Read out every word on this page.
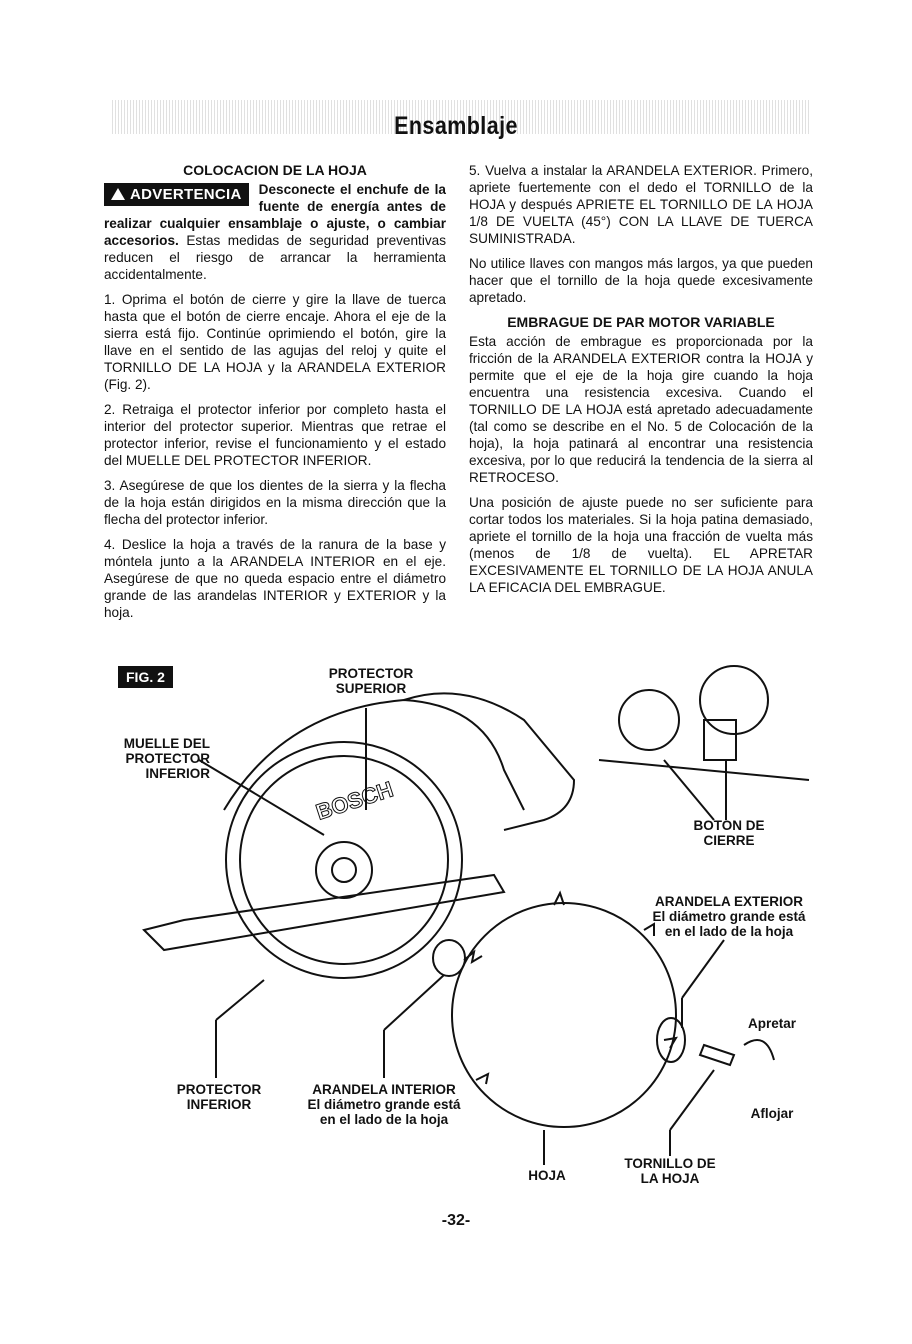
Ensamblaje
COLOCACION DE LA HOJA

ADVERTENCIA	Desconecte el enchufe de la fuente de energía antes de realizar cualquier ensamblaje o ajuste, o cambiar accesorios. Estas medidas de seguridad preventivas reducen el riesgo de arrancar la herramienta accidentalmente.

1. Oprima el botón de cierre y gire la llave de tuerca hasta que el botón de cierre encaje. Ahora el eje de la sierra está fijo. Continúe oprimiendo el botón, gire la llave en el sentido de las agujas del reloj y quite el TORNILLO DE LA HOJA y la ARANDELA EXTERIOR (Fig. 2).

2. Retraiga el protector inferior por completo hasta el interior del protector superior. Mientras que retrae el protector inferior, revise el funcionamiento y el estado del MUELLE DEL PROTECTOR INFERIOR.

3. Asegúrese de que los dientes de la sierra y la flecha de la hoja están dirigidos en la misma dirección que la flecha del protector inferior.

4. Deslice la hoja a través de la ranura de la base y móntela junto a la ARANDELA INTERIOR en el eje. Asegúrese de que no queda espacio entre el diámetro grande de las arandelas INTERIOR y EXTERIOR y la hoja.

5. Vuelva a instalar la ARANDELA EXTERIOR. Primero, apriete fuertemente con el dedo el TORNILLO de la HOJA y después APRIETE EL TORNILLO DE LA HOJA 1/8 DE VUELTA (45°) CON LA LLAVE DE TUERCA SUMINISTRADA.

No utilice llaves con mangos más largos, ya que pueden hacer que el tornillo de la hoja quede excesivamente apretado.

EMBRAGUE DE PAR MOTOR VARIABLE

Esta acción de embrague es proporcionada por la fricción de la ARANDELA EXTERIOR contra la HOJA y permite que el eje de la hoja gire cuando la hoja encuentra una resistencia excesiva. Cuando el TORNILLO DE LA HOJA está apretado adecuadamente (tal como se describe en el No. 5 de Colocación de la hoja), la hoja patinará al encontrar una resistencia excesiva, por lo que reducirá la tendencia de la sierra al RETROCESO.

Una posición de ajuste puede no ser suficiente para cortar todos los materiales. Si la hoja patina demasiado, apriete el tornillo de la hoja una fracción de vuelta más (menos de 1/8 de vuelta). EL APRETAR EXCESIVAMENTE EL TORNILLO DE LA HOJA ANULA LA EFICACIA DEL EMBRAGUE.

BOSCH
FIG. 2	PROTECTOR
SUPERIOR
MUELLE DEL
PROTECTOR
INFERIOR
PROTECTOR
INFERIOR
ARANDELA INTERIOR
El diámetro grande está
en el lado de la hoja
BOTON DE
CIERRE
ARANDELA EXTERIOR
El diámetro grande está
en el lado de la hoja
Apretar
Aflojar
HOJA
TORNILLO DE
LA HOJA
-32-
